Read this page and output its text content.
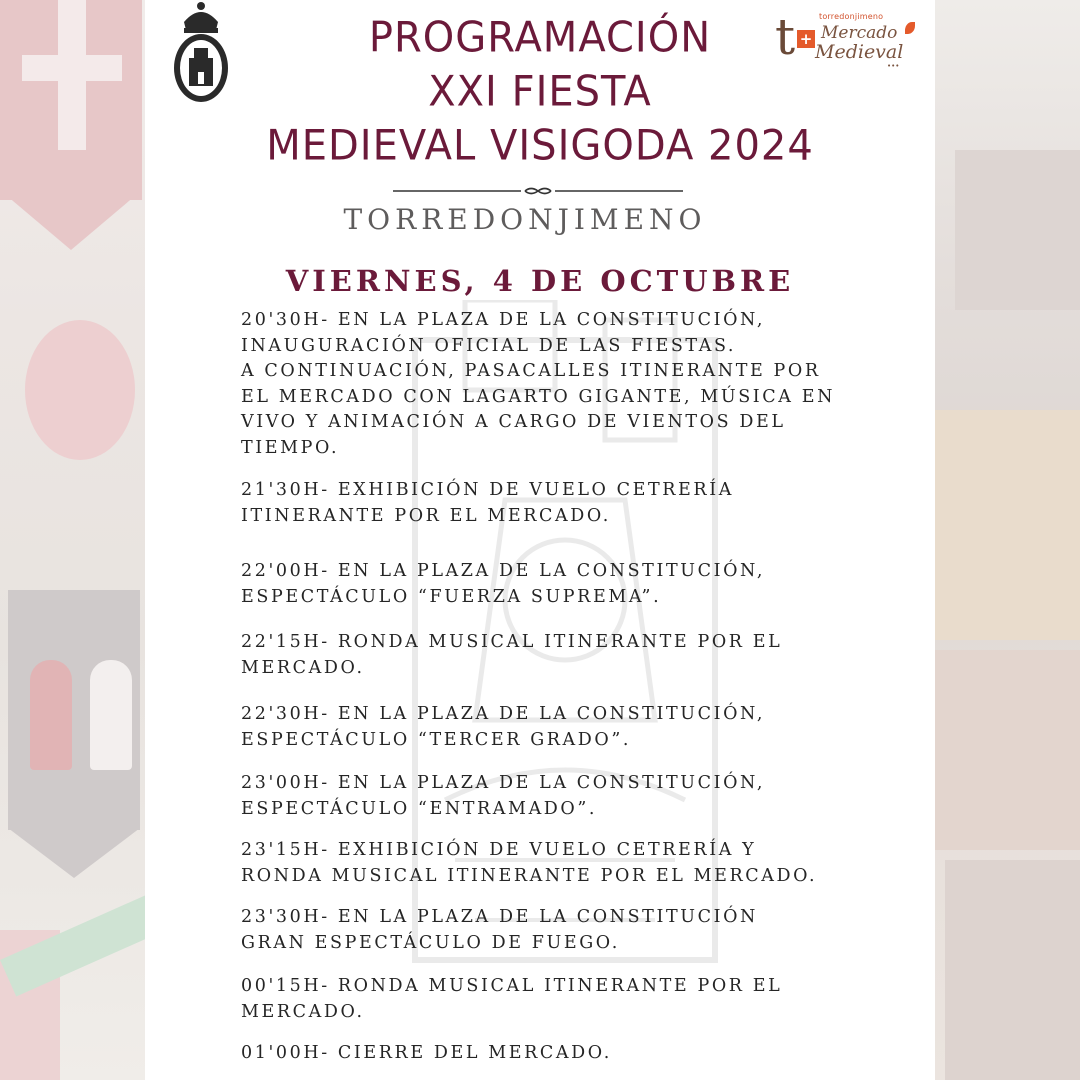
t +
torredonjimeno
Mercado
Medieval
•••
PROGRAMACIÓN
XXI FIESTA
MEDIEVAL VISIGODA 2024
TORREDONJIMENO
VIERNES, 4 DE OCTUBRE
20'30H- EN LA PLAZA DE LA CONSTITUCIÓN,
INAUGURACIÓN OFICIAL DE LAS FIESTAS.
A CONTINUACIÓN, PASACALLES ITINERANTE POR
EL MERCADO CON LAGARTO GIGANTE, MÚSICA EN
VIVO Y ANIMACIÓN A CARGO DE VIENTOS DEL
TIEMPO.
21'30H- EXHIBICIÓN DE VUELO CETRERÍA
ITINERANTE POR EL MERCADO.
22'00H- EN LA PLAZA DE LA CONSTITUCIÓN,
ESPECTÁCULO “FUERZA SUPREMA”.
22'15H- RONDA MUSICAL ITINERANTE POR EL
MERCADO.
22'30H- EN LA PLAZA DE LA CONSTITUCIÓN,
ESPECTÁCULO “TERCER GRADO”.
23'00H- EN LA PLAZA DE LA CONSTITUCIÓN,
ESPECTÁCULO “ENTRAMADO”.
23'15H- EXHIBICIÓN DE VUELO CETRERÍA Y
RONDA MUSICAL ITINERANTE POR EL MERCADO.
23'30H- EN LA PLAZA DE LA CONSTITUCIÓN
GRAN ESPECTÁCULO DE FUEGO.
00'15H- RONDA MUSICAL ITINERANTE POR EL
MERCADO.
01'00H- CIERRE DEL MERCADO.
